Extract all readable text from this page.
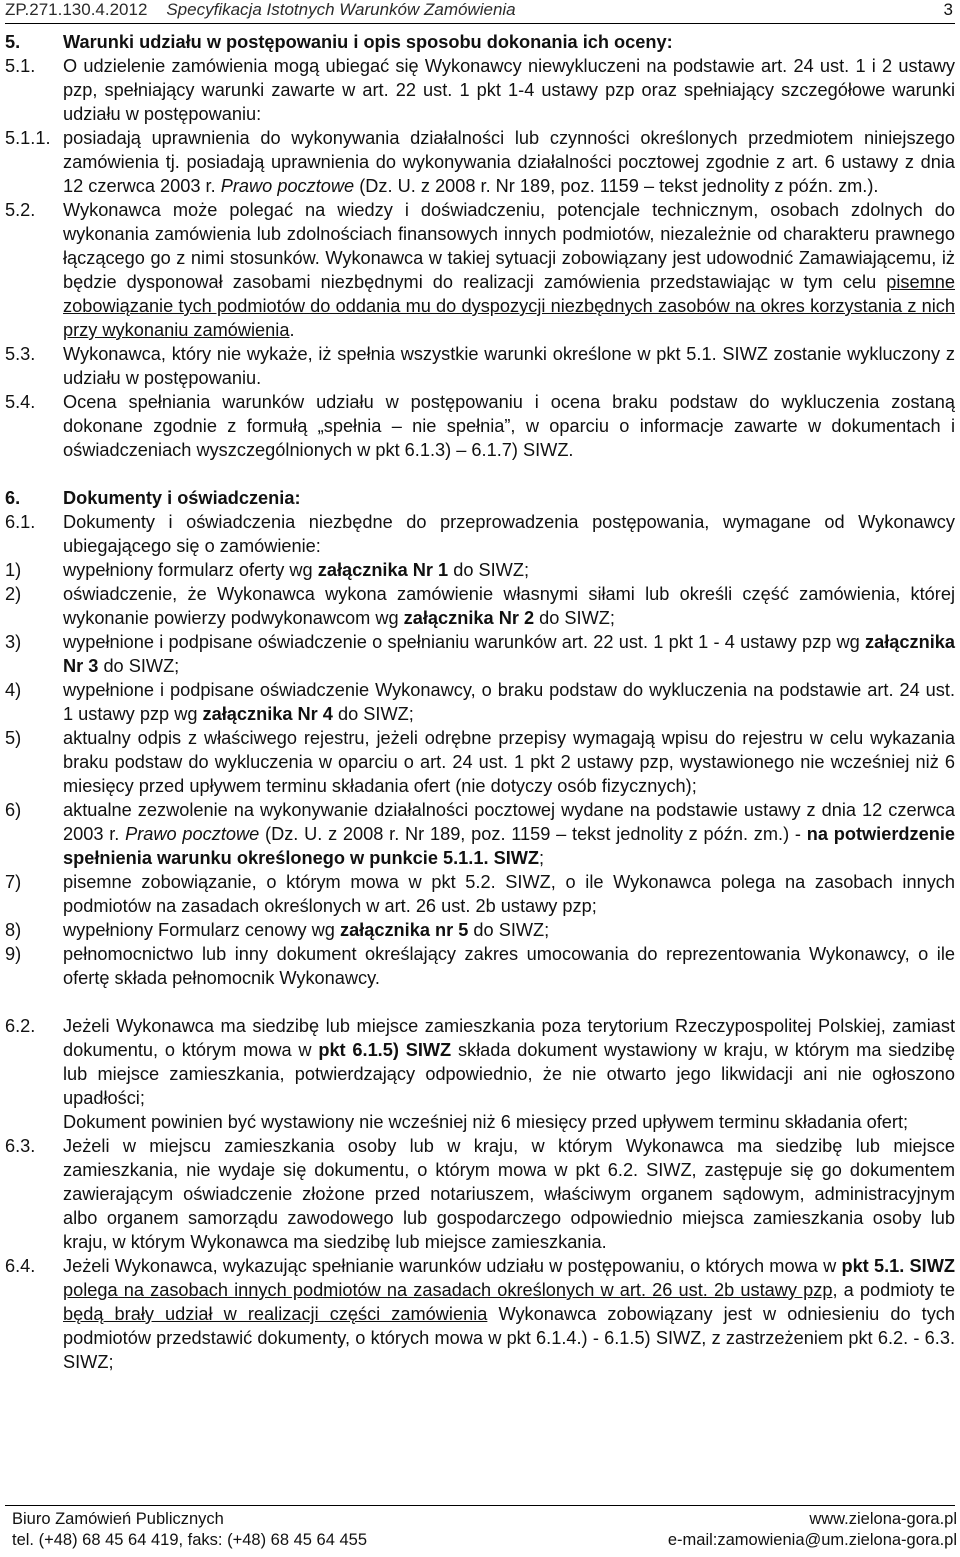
ZP.271.130.4.2012 Specyfikacja Istotnych Warunków Zamówienia	3
5.	Warunki udziału w postępowaniu i opis sposobu dokonania ich oceny:
5.1.	O udzielenie zamówienia mogą ubiegać się Wykonawcy niewykluczeni na podstawie art. 24 ust. 1 i 2 ustawy pzp, spełniający warunki zawarte w art. 22 ust. 1 pkt 1-4 ustawy pzp oraz spełniający szczegółowe warunki udziału w postępowaniu:
5.1.1. posiadają uprawnienia do wykonywania działalności lub czynności określonych przedmiotem niniejszego zamówienia tj. posiadają uprawnienia do wykonywania działalności pocztowej zgodnie z art. 6 ustawy z dnia 12 czerwca 2003 r. Prawo pocztowe (Dz. U. z 2008 r. Nr 189, poz. 1159 – tekst jednolity z późn. zm.).
5.2.	Wykonawca może polegać na wiedzy i doświadczeniu, potencjale technicznym, osobach zdolnych do wykonania zamówienia lub zdolnościach finansowych innych podmiotów, niezależnie od charakteru prawnego łączącego go z nimi stosunków. Wykonawca w takiej sytuacji zobowiązany jest udowodnić Zamawiającemu, iż będzie dysponował zasobami niezbędnymi do realizacji zamówienia przedstawiając w tym celu pisemne zobowiązanie tych podmiotów do oddania mu do dyspozycji niezbędnych zasobów na okres korzystania z nich przy wykonaniu zamówienia.
5.3.	Wykonawca, który nie wykaże, iż spełnia wszystkie warunki określone w pkt 5.1. SIWZ zostanie wykluczony z udziału w postępowaniu.
5.4.	Ocena spełniania warunków udziału w postępowaniu i ocena braku podstaw do wykluczenia zostaną dokonane zgodnie z formułą „spełnia – nie spełnia”, w oparciu o informacje zawarte w dokumentach i oświadczeniach wyszczególnionych w pkt 6.1.3) – 6.1.7) SIWZ.
6.	Dokumenty i oświadczenia:
6.1.	Dokumenty i oświadczenia niezbędne do przeprowadzenia postępowania, wymagane od Wykonawcy ubiegającego się o zamówienie:
1)	wypełniony formularz oferty wg załącznika Nr 1 do SIWZ;
2)	oświadczenie, że Wykonawca wykona zamówienie własnymi siłami lub określi część zamówienia, której wykonanie powierzy podwykonawcom wg załącznika Nr 2 do SIWZ;
3)	wypełnione i podpisane oświadczenie o spełnianiu warunków art. 22 ust. 1 pkt 1 - 4 ustawy pzp wg załącznika Nr 3 do SIWZ;
4)	wypełnione i podpisane oświadczenie Wykonawcy, o braku podstaw do wykluczenia na podstawie art. 24 ust. 1 ustawy pzp wg załącznika Nr 4 do SIWZ;
5)	aktualny odpis z właściwego rejestru, jeżeli odrębne przepisy wymagają wpisu do rejestru w celu wykazania braku podstaw do wykluczenia w oparciu o art. 24 ust. 1 pkt 2 ustawy pzp, wystawionego nie wcześniej niż 6 miesięcy przed upływem terminu składania ofert (nie dotyczy osób fizycznych);
6)	aktualne zezwolenie na wykonywanie działalności pocztowej wydane na podstawie ustawy z dnia 12 czerwca 2003 r. Prawo pocztowe (Dz. U. z 2008 r. Nr 189, poz. 1159 – tekst jednolity z późn. zm.) - na potwierdzenie spełnienia warunku określonego w punkcie 5.1.1. SIWZ;
7)	pisemne zobowiązanie, o którym mowa w pkt 5.2. SIWZ, o ile Wykonawca polega na zasobach innych podmiotów na zasadach określonych w art. 26 ust. 2b ustawy pzp;
8)	wypełniony Formularz cenowy wg załącznika nr 5 do SIWZ;
9)	pełnomocnictwo lub inny dokument określający zakres umocowania do reprezentowania Wykonawcy, o ile ofertę składa pełnomocnik Wykonawcy.
6.2.	Jeżeli Wykonawca ma siedzibę lub miejsce zamieszkania poza terytorium Rzeczypospolitej Polskiej, zamiast dokumentu, o którym mowa w pkt 6.1.5) SIWZ składa dokument wystawiony w kraju, w którym ma siedzibę lub miejsce zamieszkania, potwierdzający odpowiednio, że nie otwarto jego likwidacji ani nie ogłoszono upadłości;
Dokument powinien być wystawiony nie wcześniej niż 6 miesięcy przed upływem terminu składania ofert;
6.3.	Jeżeli w miejscu zamieszkania osoby lub w kraju, w którym Wykonawca ma siedzibę lub miejsce zamieszkania, nie wydaje się dokumentu, o którym mowa w pkt 6.2. SIWZ, zastępuje się go dokumentem zawierającym oświadczenie złożone przed notariuszem, właściwym organem sądowym, administracyjnym albo organem samorządu zawodowego lub gospodarczego odpowiednio miejsca zamieszkania osoby lub kraju, w którym Wykonawca ma siedzibę lub miejsce zamieszkania.
6.4.	Jeżeli Wykonawca, wykazując spełnianie warunków udziału w postępowaniu, o których mowa w pkt 5.1. SIWZ polega na zasobach innych podmiotów na zasadach określonych w art. 26 ust. 2b ustawy pzp, a podmioty te będą brały udział w realizacji części zamówienia Wykonawca zobowiązany jest w odniesieniu do tych podmiotów przedstawić dokumenty, o których mowa w pkt 6.1.4.) - 6.1.5) SIWZ, z zastrzeżeniem pkt 6.2. - 6.3. SIWZ;
Biuro Zamówień Publicznych	www.zielona-gora.pl
tel. (+48) 68 45 64 419, faks: (+48) 68 45 64 455	e-mail:zamowienia@um.zielona-gora.pl
